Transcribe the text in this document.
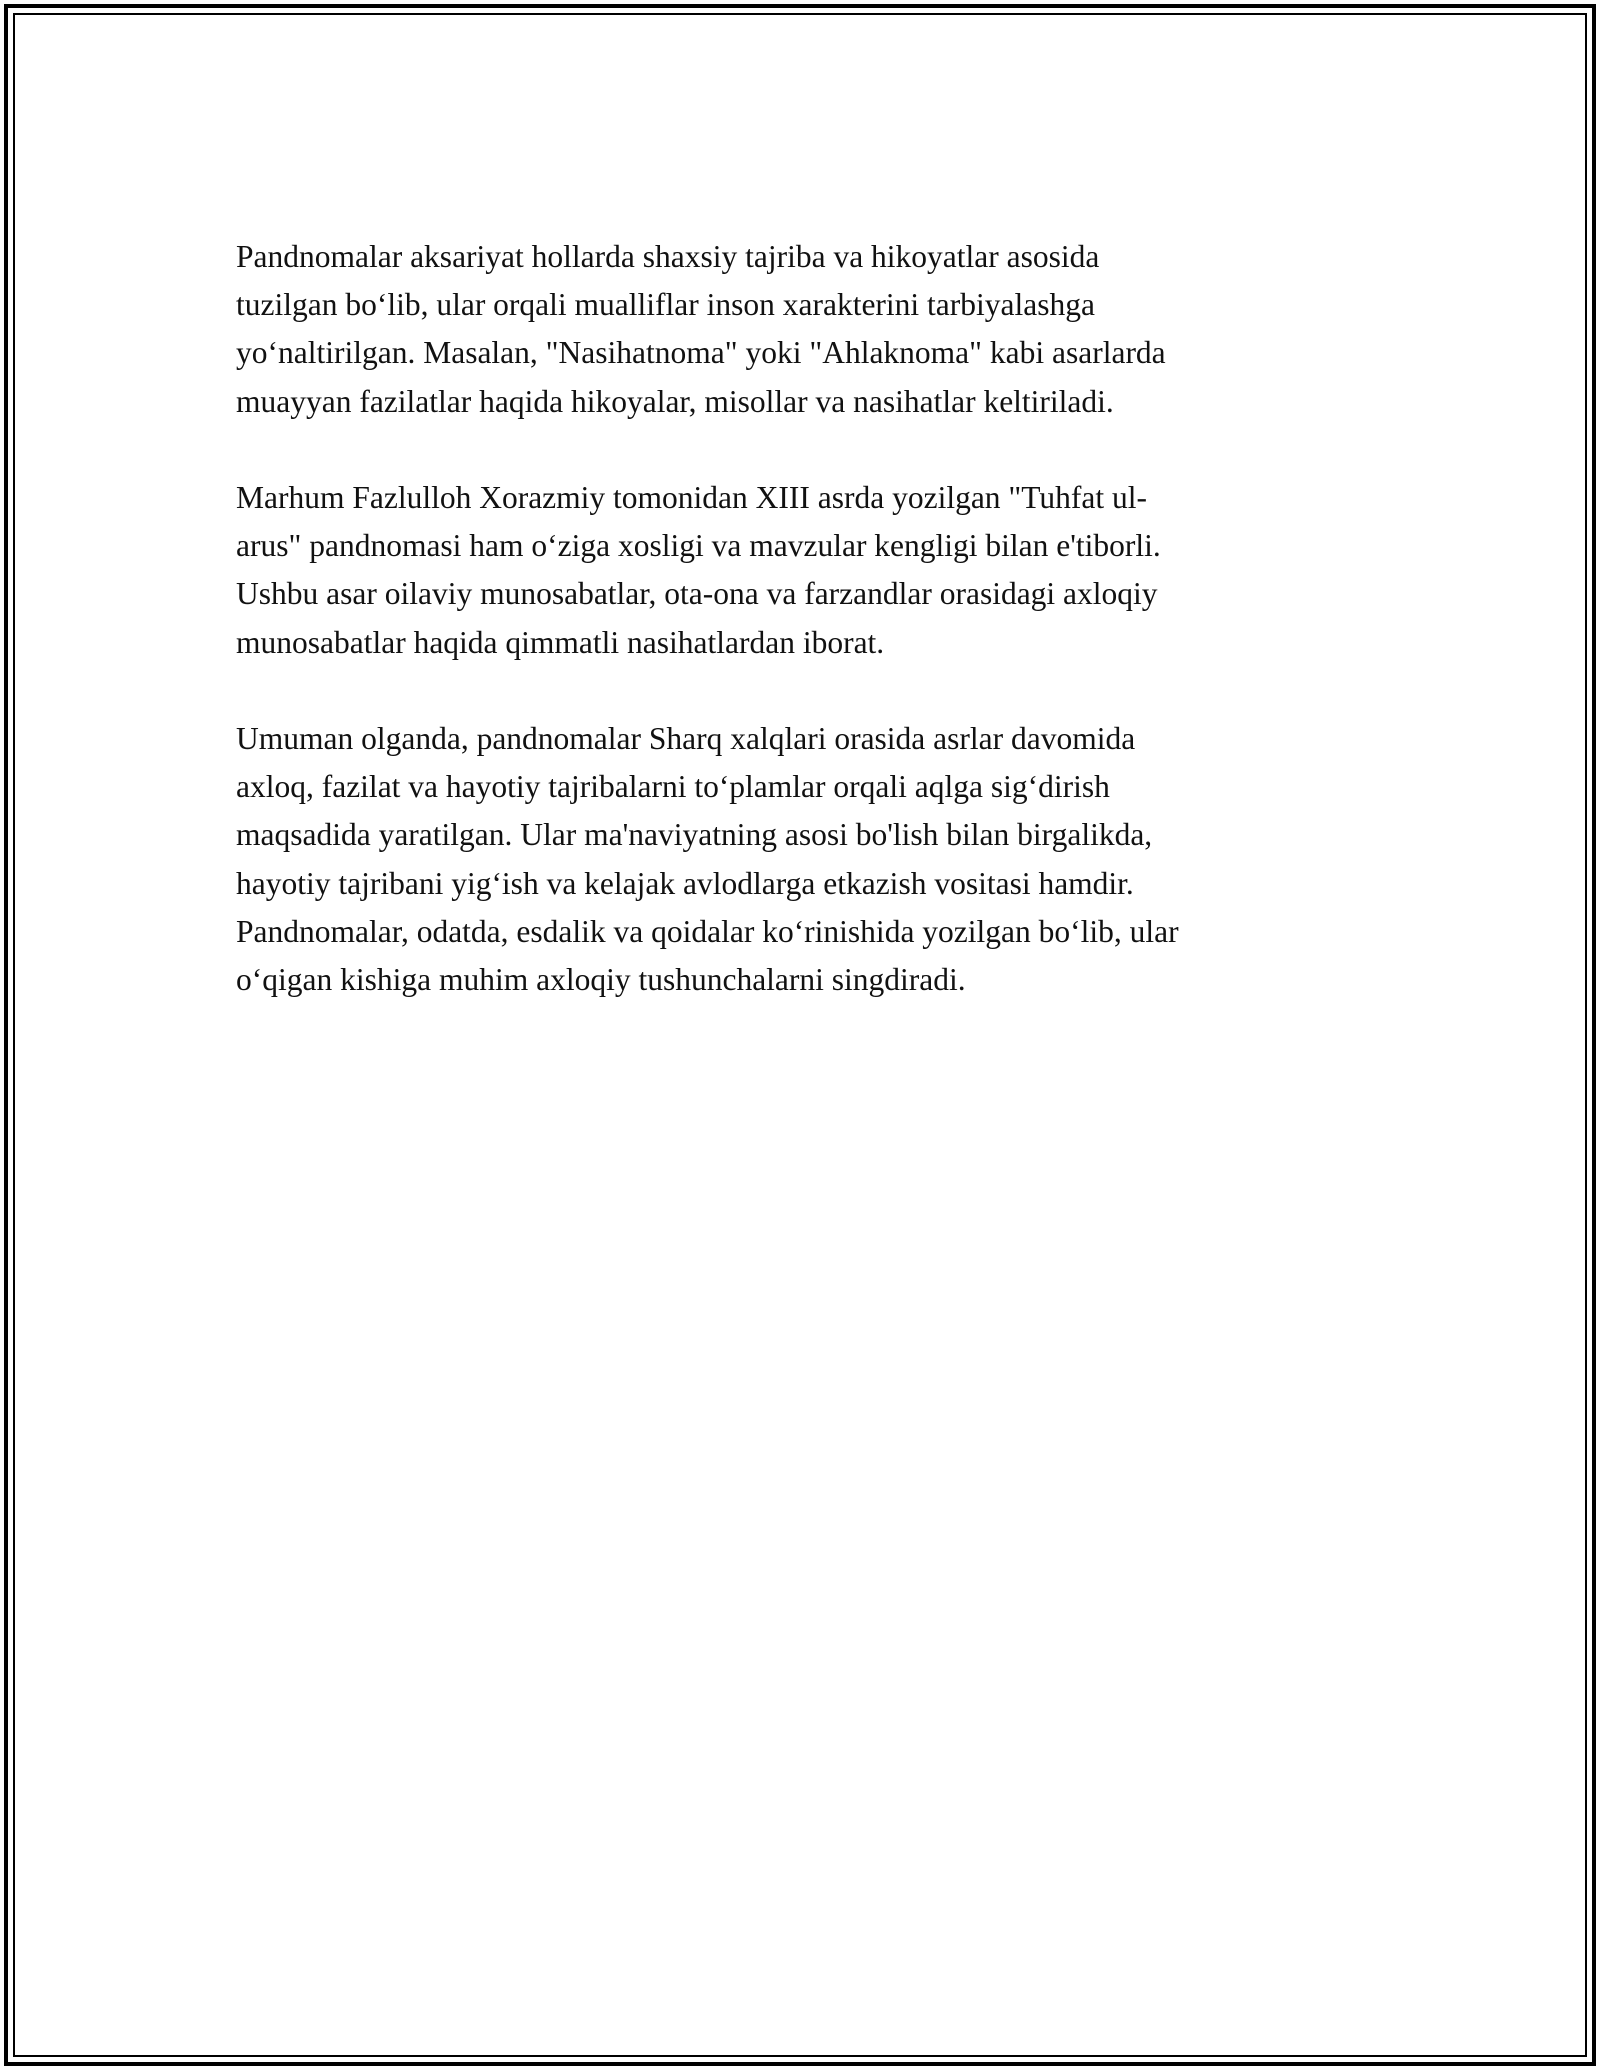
Pandnomalar aksariyat hollarda shaxsiy tajriba va hikoyatlar asosida
tuzilgan bo‘lib, ular orqali mualliflar inson xarakterini tarbiyalashga
yo‘naltirilgan. Masalan, "Nasihatnoma" yoki "Ahlaknoma" kabi asarlarda
muayyan fazilatlar haqida hikoyalar, misollar va nasihatlar keltiriladi.

Marhum Fazlulloh Xorazmiy tomonidan XIII asrda yozilgan "Tuhfat ul-
arus" pandnomasi ham o‘ziga xosligi va mavzular kengligi bilan e'tiborli.
Ushbu asar oilaviy munosabatlar, ota-ona va farzandlar orasidagi axloqiy
munosabatlar haqida qimmatli nasihatlardan iborat.

Umuman olganda, pandnomalar Sharq xalqlari orasida asrlar davomida
axloq, fazilat va hayotiy tajribalarni to‘plamlar orqali aqlga sig‘dirish
maqsadida yaratilgan. Ular ma'naviyatning asosi bo'lish bilan birgalikda,
hayotiy tajribani yig‘ish va kelajak avlodlarga etkazish vositasi hamdir.
Pandnomalar, odatda, esdalik va qoidalar ko‘rinishida yozilgan bo‘lib, ular
o‘qigan kishiga muhim axloqiy tushunchalarni singdiradi.
